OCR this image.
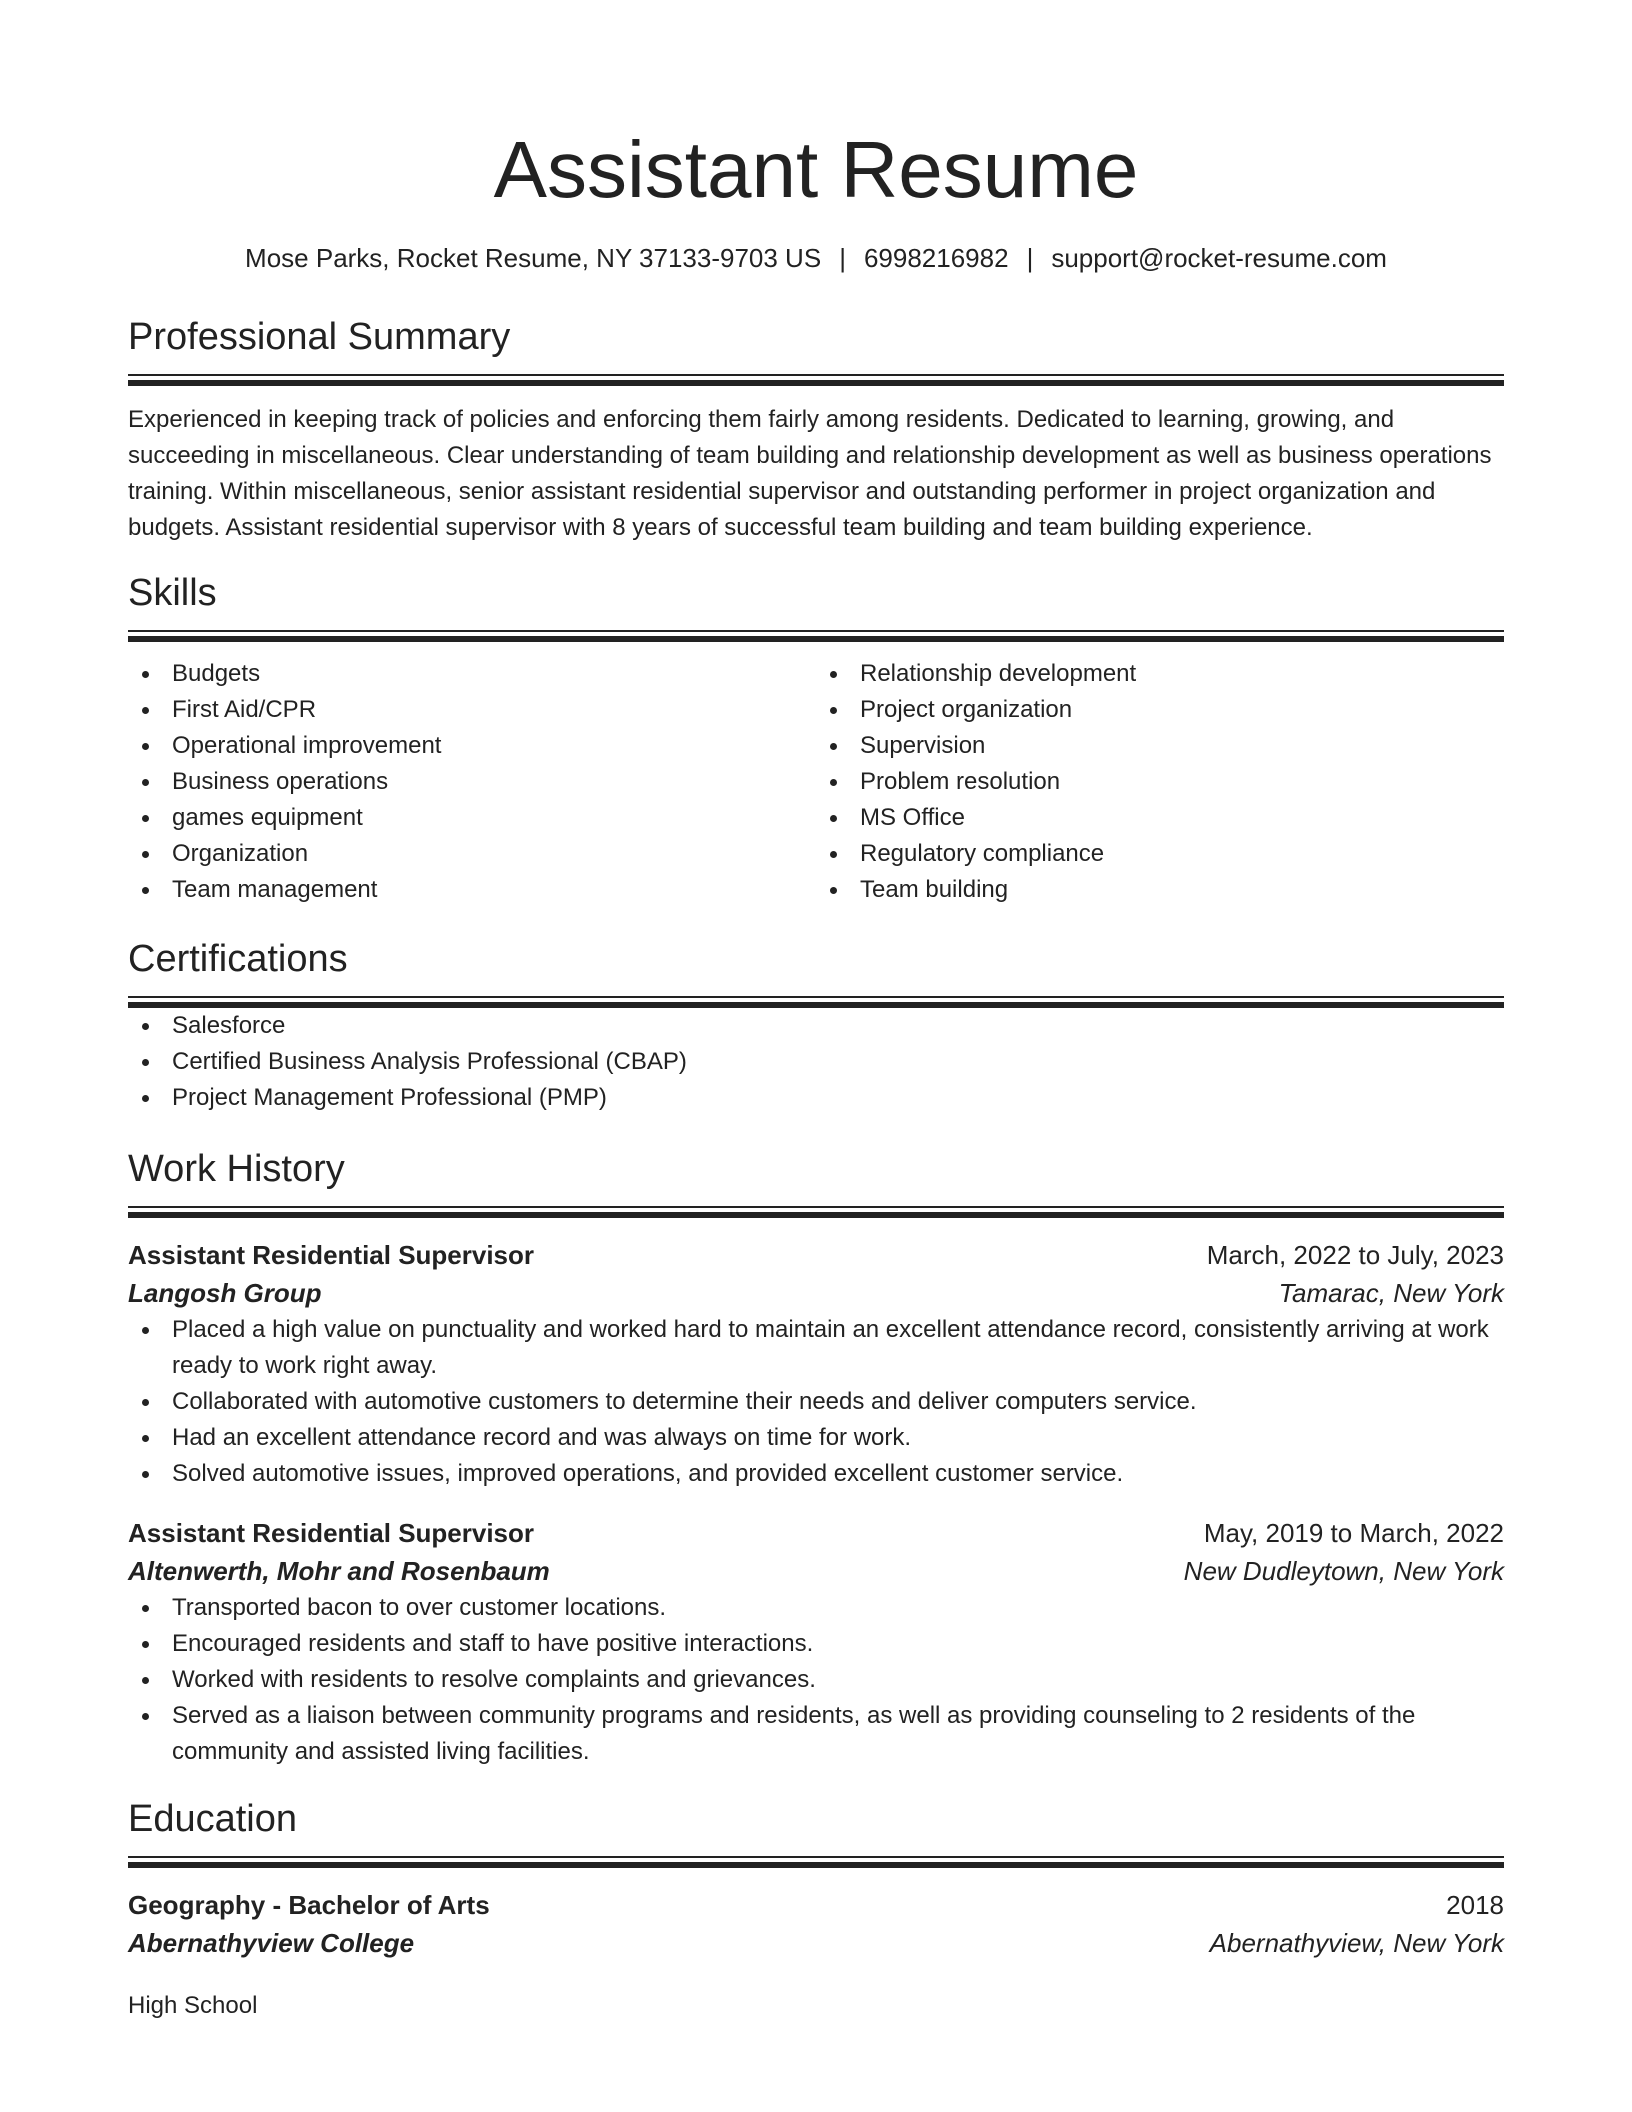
Assistant Resume
Mose Parks, Rocket Resume, NY 37133-9703 US | 6998216982 | support@rocket-resume.com
Professional Summary

Experienced in keeping track of policies and enforcing them fairly among residents. Dedicated to learning, growing, and succeeding in miscellaneous. Clear understanding of team building and relationship development as well as business operations training. Within miscellaneous, senior assistant residential supervisor and outstanding performer in project organization and budgets. Assistant residential supervisor with 8 years of successful team building and team building experience.

Skills
Budgets
First Aid/CPR
Operational improvement
Business operations
games equipment
Organization
Team management
Relationship development
Project organization
Supervision
Problem resolution
MS Office
Regulatory compliance
Team building
Certifications
Salesforce
Certified Business Analysis Professional (CBAP)
Project Management Professional (PMP)
Work History
Assistant Residential Supervisor	March, 2022 to July, 2023
Langosh Group	Tamarac, New York
Placed a high value on punctuality and worked hard to maintain an excellent attendance record, consistently arriving at work ready to work right away.
Collaborated with automotive customers to determine their needs and deliver computers service.
Had an excellent attendance record and was always on time for work.
Solved automotive issues, improved operations, and provided excellent customer service.
Assistant Residential Supervisor	May, 2019 to March, 2022
Altenwerth, Mohr and Rosenbaum	New Dudleytown, New York
Transported bacon to over customer locations.
Encouraged residents and staff to have positive interactions.
Worked with residents to resolve complaints and grievances.
Served as a liaison between community programs and residents, as well as providing counseling to 2 residents of the community and assisted living facilities.
Education
Geography - Bachelor of Arts	2018
Abernathyview College	Abernathyview, New York
High School
